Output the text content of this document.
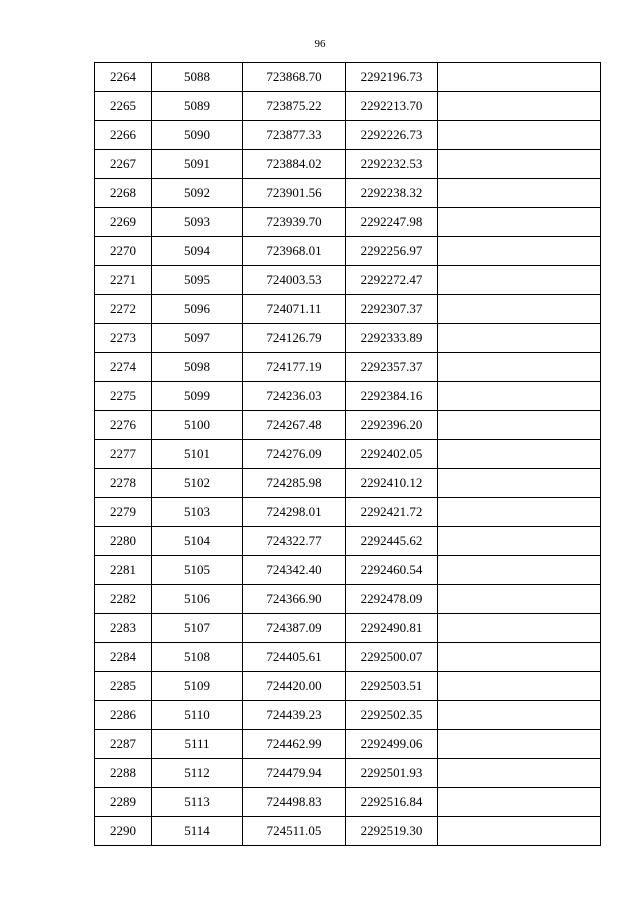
96
2264	5088	723868.70	2292196.73	
2265	5089	723875.22	2292213.70	
2266	5090	723877.33	2292226.73	
2267	5091	723884.02	2292232.53	
2268	5092	723901.56	2292238.32	
2269	5093	723939.70	2292247.98	
2270	5094	723968.01	2292256.97	
2271	5095	724003.53	2292272.47	
2272	5096	724071.11	2292307.37	
2273	5097	724126.79	2292333.89	
2274	5098	724177.19	2292357.37	
2275	5099	724236.03	2292384.16	
2276	5100	724267.48	2292396.20	
2277	5101	724276.09	2292402.05	
2278	5102	724285.98	2292410.12	
2279	5103	724298.01	2292421.72	
2280	5104	724322.77	2292445.62	
2281	5105	724342.40	2292460.54	
2282	5106	724366.90	2292478.09	
2283	5107	724387.09	2292490.81	
2284	5108	724405.61	2292500.07	
2285	5109	724420.00	2292503.51	
2286	5110	724439.23	2292502.35	
2287	5111	724462.99	2292499.06	
2288	5112	724479.94	2292501.93	
2289	5113	724498.83	2292516.84	
2290	5114	724511.05	2292519.30	
